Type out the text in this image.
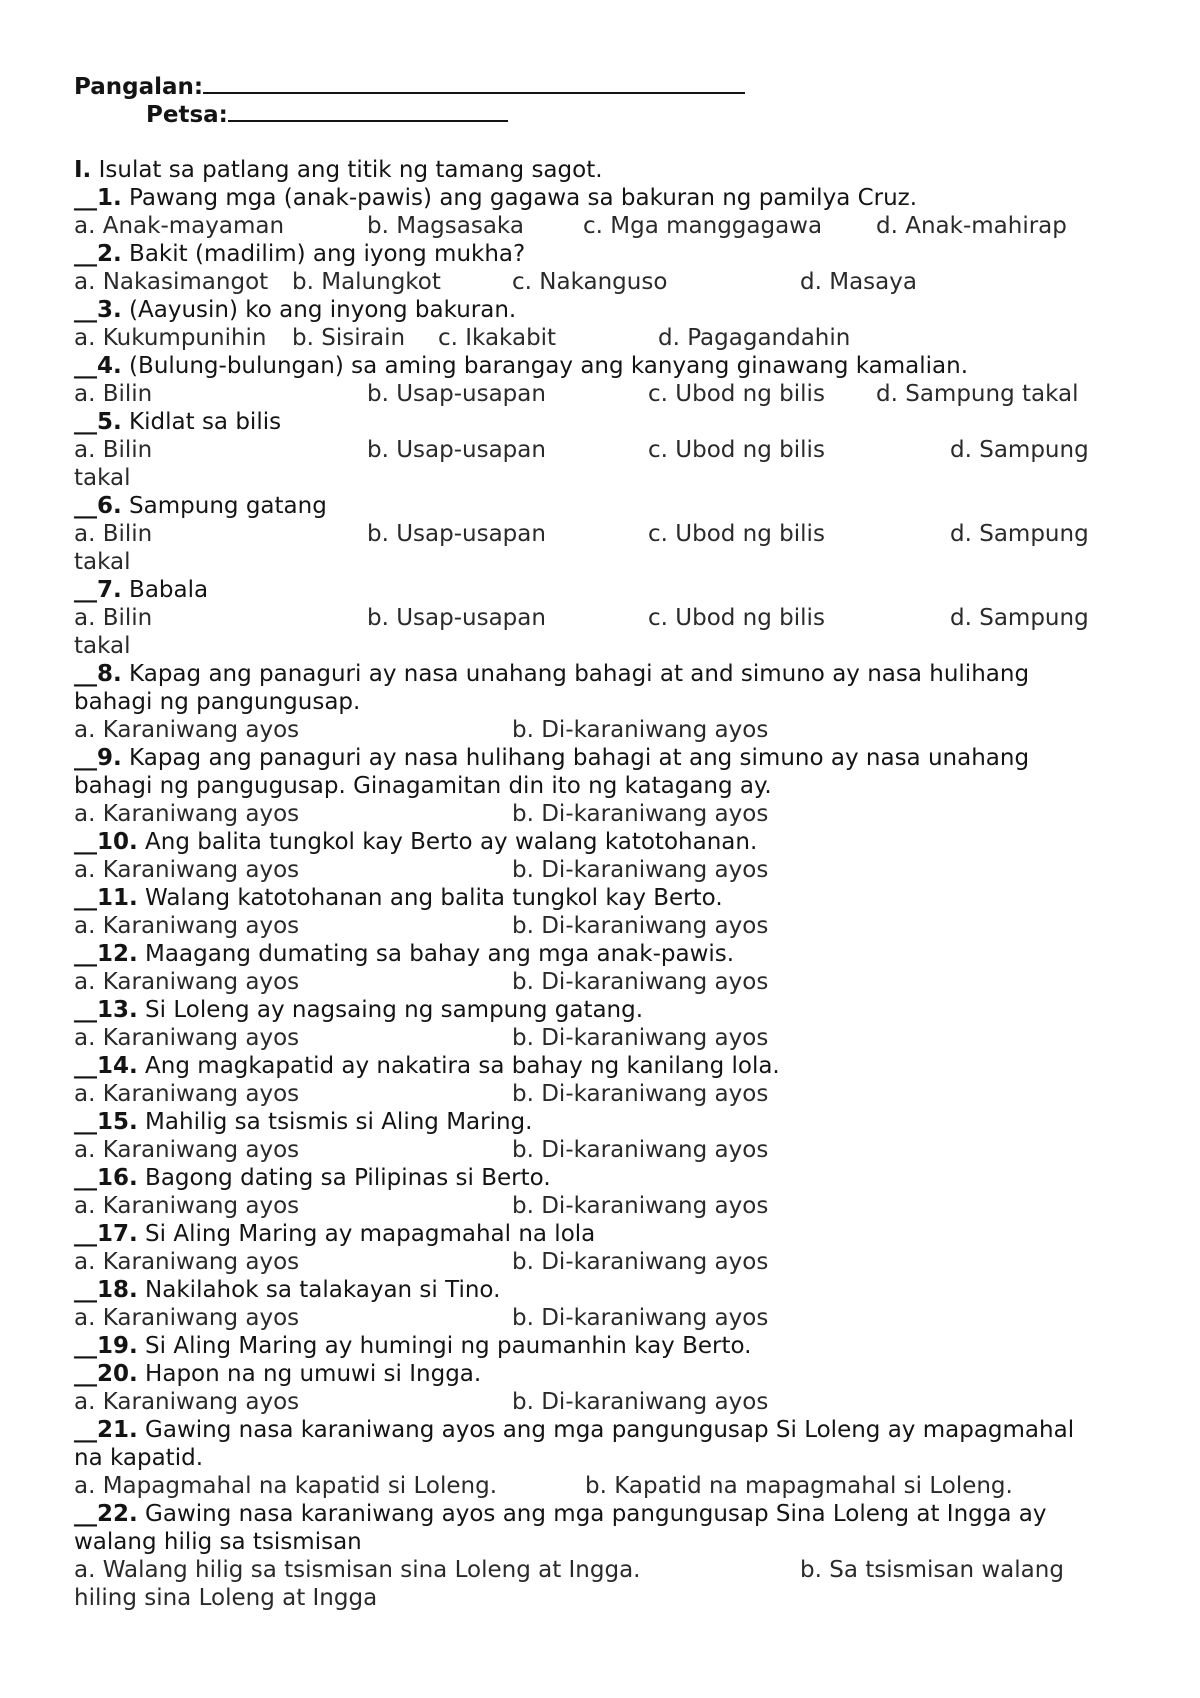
Pangalan:
Petsa:
I. Isulat sa patlang ang titik ng tamang sagot.
__1. Pawang mga (anak-pawis) ang gagawa sa bakuran ng pamilya Cruz.
a. Anak-mayaman	b. Magsasaka	c. Mga manggagawa d. Anak-mahirap
__2. Bakit (madilim) ang iyong mukha?
a. Nakasimangot b. Malungkot	c. Nakanguso	d. Masaya
__3. (Aayusin) ko ang inyong bakuran.
a. Kukumpunihin b. Sisirain c. Ikakabit	d. Pagagandahin
__4. (Bulung-bulungan) sa aming barangay ang kanyang ginawang kamalian.
a. Bilin	b. Usap-usapan	c. Ubod ng bilis d. Sampung takal
__5. Kidlat sa bilis
a. Bilin	b. Usap-usapan	c. Ubod ng bilis	d. Sampung
takal
__6. Sampung gatang
a. Bilin	b. Usap-usapan	c. Ubod ng bilis	d. Sampung
takal
__7. Babala
a. Bilin	b. Usap-usapan	c. Ubod ng bilis	d. Sampung
takal
__8. Kapag ang panaguri ay nasa unahang bahagi at and simuno ay nasa hulihang
bahagi ng pangungusap.
a. Karaniwang ayos	b. Di-karaniwang ayos
__9. Kapag ang panaguri ay nasa hulihang bahagi at ang simuno ay nasa unahang
bahagi ng pangugusap. Ginagamitan din ito ng katagang ay.
a. Karaniwang ayos	b. Di-karaniwang ayos
__10. Ang balita tungkol kay Berto ay walang katotohanan.
a. Karaniwang ayos	b. Di-karaniwang ayos
__11. Walang katotohanan ang balita tungkol kay Berto.
a. Karaniwang ayos	b. Di-karaniwang ayos
__12. Maagang dumating sa bahay ang mga anak-pawis.
a. Karaniwang ayos	b. Di-karaniwang ayos
__13. Si Loleng ay nagsaing ng sampung gatang.
a. Karaniwang ayos	b. Di-karaniwang ayos
__14. Ang magkapatid ay nakatira sa bahay ng kanilang lola.
a. Karaniwang ayos	b. Di-karaniwang ayos
__15. Mahilig sa tsismis si Aling Maring.
a. Karaniwang ayos	b. Di-karaniwang ayos
__16. Bagong dating sa Pilipinas si Berto.
a. Karaniwang ayos	b. Di-karaniwang ayos
__17. Si Aling Maring ay mapagmahal na lola
a. Karaniwang ayos	b. Di-karaniwang ayos
__18. Nakilahok sa talakayan si Tino.
a. Karaniwang ayos	b. Di-karaniwang ayos
__19. Si Aling Maring ay humingi ng paumanhin kay Berto.
__20. Hapon na ng umuwi si Ingga.
a. Karaniwang ayos	b. Di-karaniwang ayos
__21. Gawing nasa karaniwang ayos ang mga pangungusap Si Loleng ay mapagmahal
na kapatid.
a. Mapagmahal na kapatid si Loleng.	b. Kapatid na mapagmahal si Loleng.
__22. Gawing nasa karaniwang ayos ang mga pangungusap Sina Loleng at Ingga ay
walang hilig sa tsismisan
a. Walang hilig sa tsismisan sina Loleng at Ingga.	b. Sa tsismisan walang
hiling sina Loleng at Ingga
